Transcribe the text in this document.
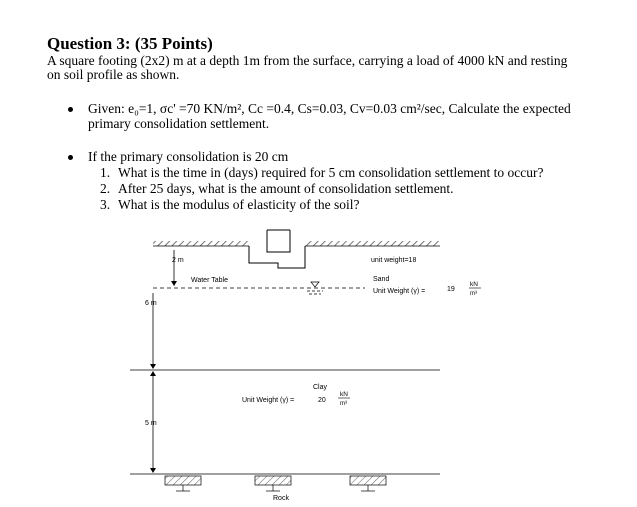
Question 3: (35 Points)
A square footing (2x2) m at a depth 1m from the surface, carrying a load of 4000 kN and resting
on soil profile as shown.
Given: e₀=1, σc' =70 KN/m², Cc =0.4, Cs=0.03, Cv=0.03 cm²/sec, Calculate the expected
primary consolidation settlement.
If the primary consolidation is 20 cm
1. What is the time in (days) required for 5 cm consolidation settlement to occur?
2. After 25 days, what is the amount of consolidation settlement.
3. What is the modulus of elasticity of the soil?
2 m
Water Table
unit weight=18
Sand
Unit Weight (γ) =	19
kN
m³
6 m
5 m
Clay
Unit Weight (γ) =	20
kN
m³
Rock
